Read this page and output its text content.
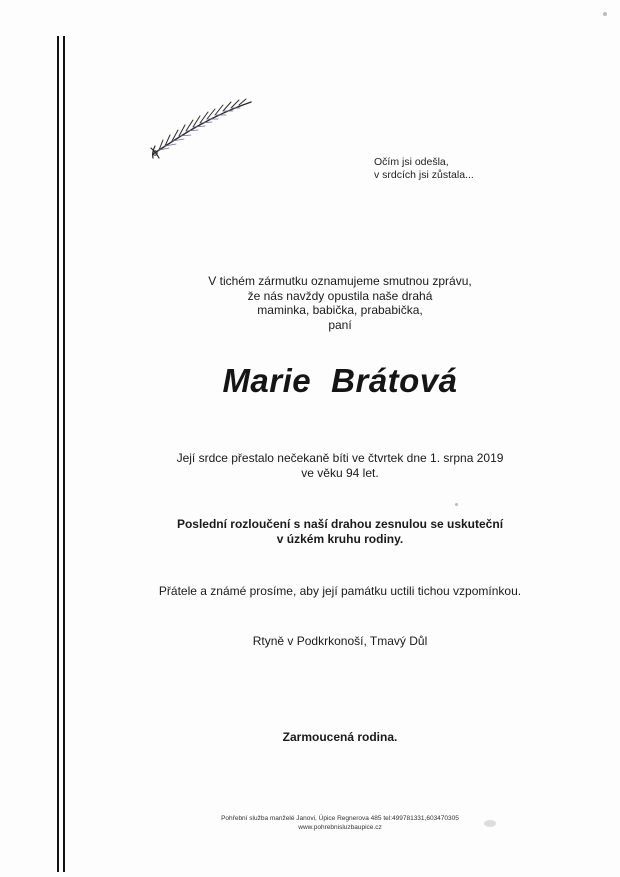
Očím jsi odešla,
v srdcích jsi zůstala...
V tichém zármutku oznamujeme smutnou zprávu,
že nás navždy opustila naše drahá
maminka, babička, prababička,
paní
Marie Brátová
Její srdce přestalo nečekaně bíti ve čtvrtek dne 1. srpna 2019
ve věku 94 let.
Poslední rozloučení s naší drahou zesnulou se uskuteční
v úzkém kruhu rodiny.
Přátele a známé prosíme, aby její památku uctili tichou vzpomínkou.
Rtyně v Podkrkonoší, Tmavý Důl
Zarmoucená rodina.
Pohřební služba manželé Janovi, Úpice Regnerova 485 tel:499781331,603470305
www.pohrebnisluzbaupice.cz
